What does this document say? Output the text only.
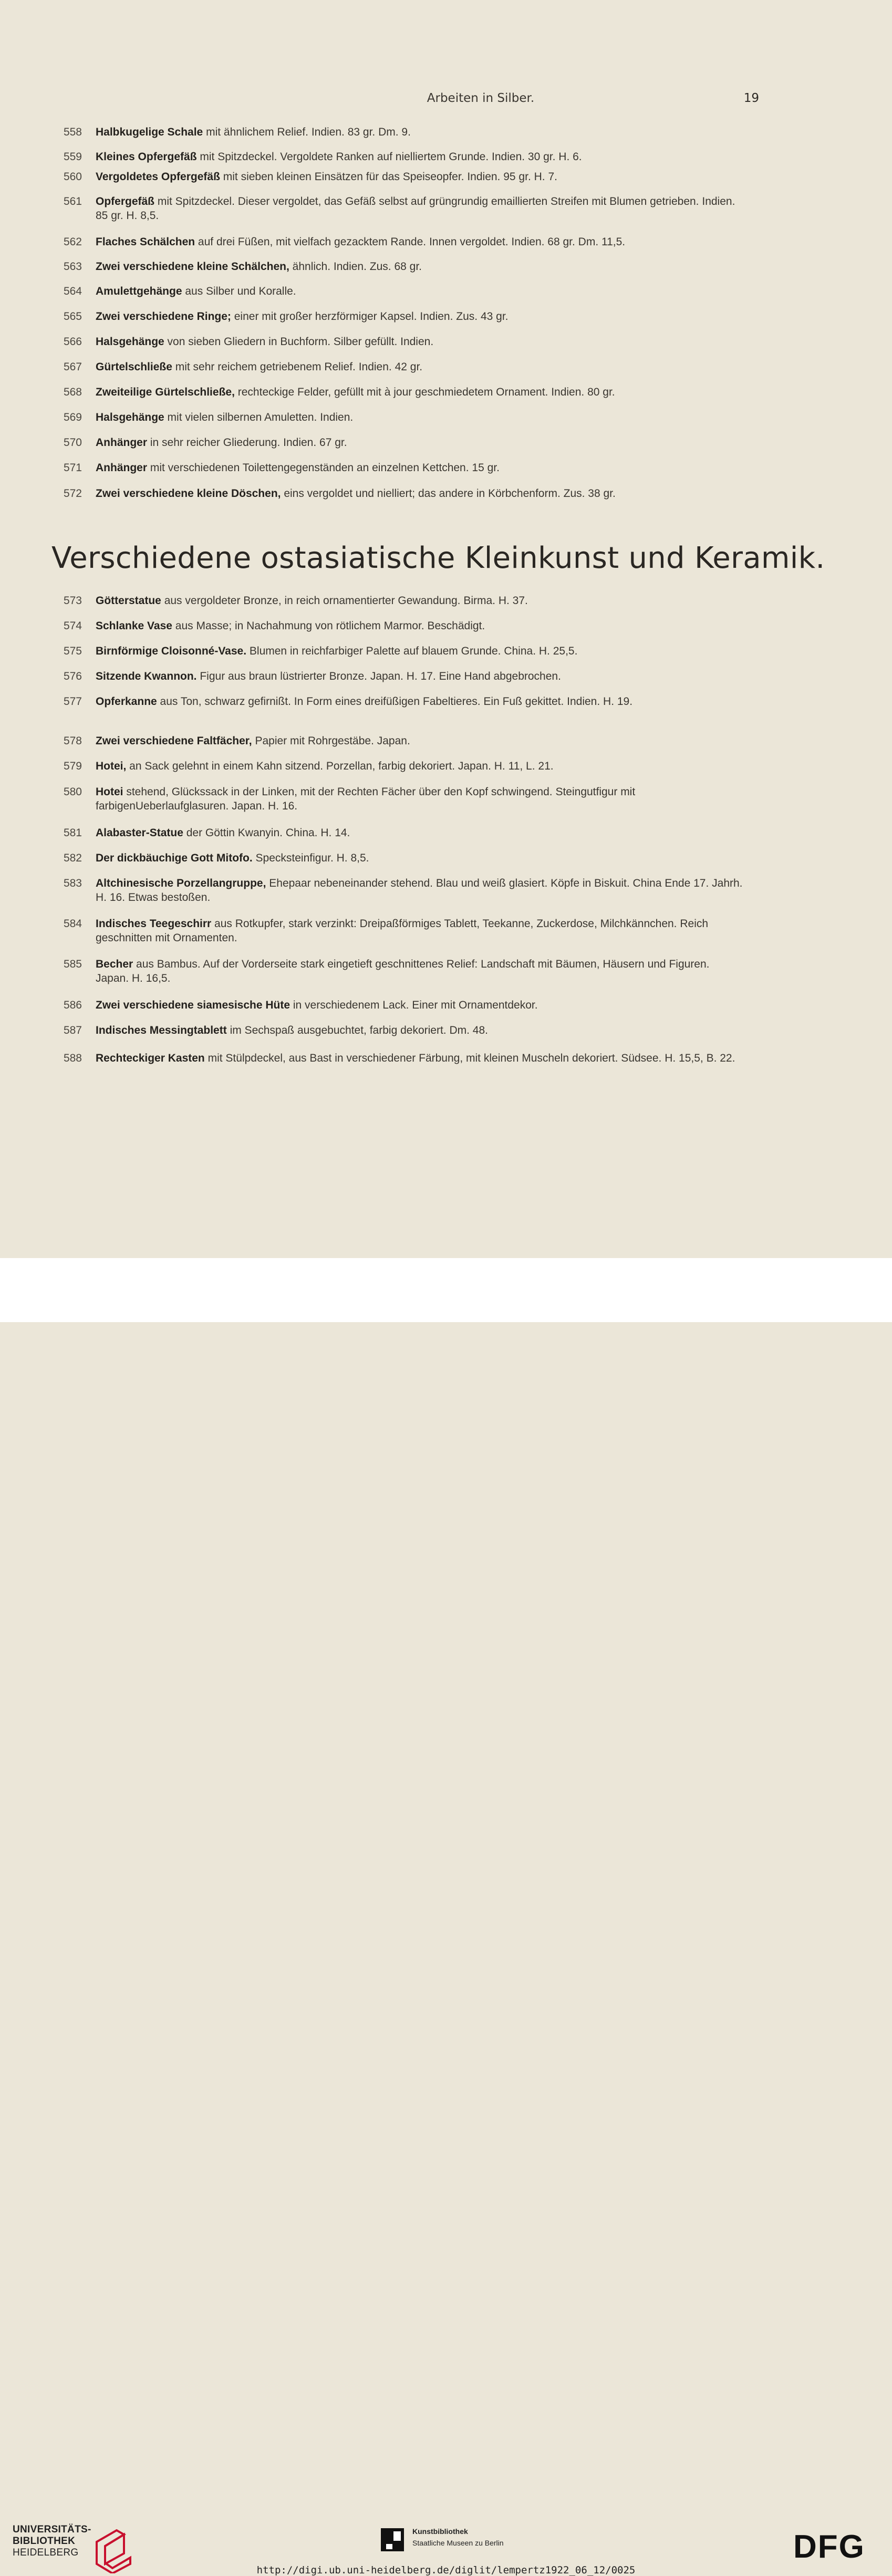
Arbeiten in Silber.	19
558 Halbkugelige Schale mit ähnlichem Relief. Indien. 83 gr. Dm. 9.
559 Kleines Opfergefäß mit Spitzdeckel. Vergoldete Ranken auf nielliertem Grunde. Indien. 30 gr. H. 6.
560 Vergoldetes Opfergefäß mit sieben kleinen Einsätzen für das Speiseopfer. Indien. 95 gr. H. 7.
561 Opfergefäß mit Spitzdeckel. Dieser vergoldet, das Gefäß selbst auf grüngrundig emaillierten Streifen mit Blumen getrieben. Indien. 85 gr. H. 8,5.
562 Flaches Schälchen auf drei Füßen, mit vielfach gezacktem Rande. Innen vergoldet. Indien. 68 gr. Dm. 11,5.
563 Zwei verschiedene kleine Schälchen, ähnlich. Indien. Zus. 68 gr.
564 Amulettgehänge aus Silber und Koralle.
565 Zwei verschiedene Ringe; einer mit großer herzförmiger Kapsel. Indien. Zus. 43 gr.
566 Halsgehänge von sieben Gliedern in Buchform. Silber gefüllt. Indien.
567 Gürtelschließe mit sehr reichem getriebenem Relief. Indien. 42 gr.
568 Zweiteilige Gürtelschließe, rechteckige Felder, gefüllt mit à jour geschmiedetem Ornament. Indien. 80 gr.
569 Halsgehänge mit vielen silbernen Amuletten. Indien.
570 Anhänger in sehr reicher Gliederung. Indien. 67 gr.
571 Anhänger mit verschiedenen Toilettengegenständen an einzelnen Kettchen. 15 gr.
572 Zwei verschiedene kleine Döschen, eins vergoldet und nielliert; das andere in Körbchenform. Zus. 38 gr.
Verschiedene ostasiatische Kleinkunst und Keramik.
573 Götterstatue aus vergoldeter Bronze, in reich ornamentierter Gewandung. Birma. H. 37.
574 Schlanke Vase aus Masse; in Nachahmung von rötlichem Marmor. Beschädigt.
575 Birnförmige Cloisonné-Vase. Blumen in reichfarbiger Palette auf blauem Grunde. China. H. 25,5.
576 Sitzende Kwannon. Figur aus braun lüstrierter Bronze. Japan. H. 17. Eine Hand abgebrochen.
577 Opferkanne aus Ton, schwarz gefirnißt. In Form eines dreifüßigen Fabeltieres. Ein Fuß gekittet. Indien. H. 19.
578 Zwei verschiedene Faltfächer, Papier mit Rohrgestäbe. Japan.
579 Hotei, an Sack gelehnt in einem Kahn sitzend. Porzellan, farbig dekoriert. Japan. H. 11, L. 21.
580 Hotei stehend, Glückssack in der Linken, mit der Rechten Fächer über den Kopf schwingend. Steingutfigur mit farbigenUeberlaufglasuren. Japan. H. 16.
581 Alabaster-Statue der Göttin Kwanyin. China. H. 14.
582 Der dickbäuchige Gott Mitofo. Specksteinfigur. H. 8,5.
583 Altchinesische Porzellangruppe, Ehepaar nebeneinander stehend. Blau und weiß glasiert. Köpfe in Biskuit. China Ende 17. Jahrh. H. 16. Etwas bestoßen.
584 Indisches Teegeschirr aus Rotkupfer, stark verzinkt: Dreipaßförmiges Tablett, Teekanne, Zuckerdose, Milchkännchen. Reich geschnitten mit Ornamenten.
585 Becher aus Bambus. Auf der Vorderseite stark eingetieft geschnittenes Relief: Landschaft mit Bäumen, Häusern und Figuren. Japan. H. 16,5.
586 Zwei verschiedene siamesische Hüte in verschiedenem Lack. Einer mit Ornamentdekor.
587 Indisches Messingtablett im Sechspaß ausgebuchtet, farbig dekoriert. Dm. 48.
588 Rechteckiger Kasten mit Stülpdeckel, aus Bast in verschiedener Färbung, mit kleinen Muscheln dekoriert. Südsee. H. 15,5, B. 22.
UNIVERSITÄTS-
BIBLIOTHEK
HEIDELBERG
Kunstbibliothek
Staatliche Museen zu Berlin	DFG
http://digi.ub.uni-heidelberg.de/diglit/lempertz1922_06_12/0025
